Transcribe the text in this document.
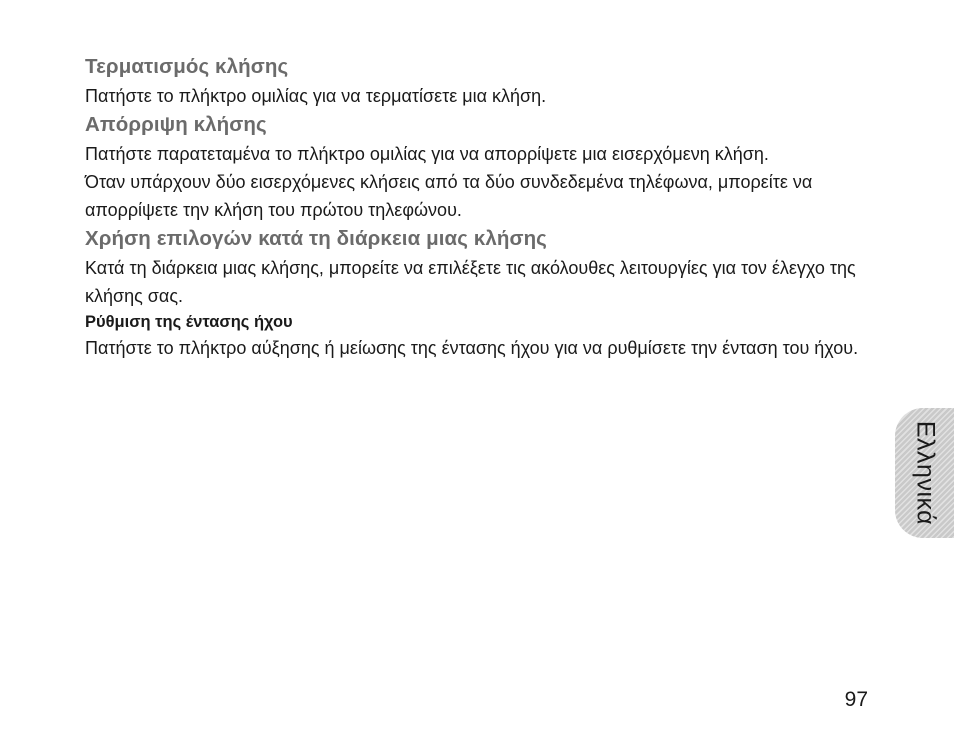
Τερματισμός κλήσης

Πατήστε το πλήκτρο ομιλίας για να τερματίσετε μια κλήση.

Απόρριψη κλήσης

Πατήστε παρατεταμένα το πλήκτρο ομιλίας για να απορρίψετε μια εισερχόμενη κλήση.

Όταν υπάρχουν δύο εισερχόμενες κλήσεις από τα δύο συνδεδεμένα τηλέφωνα, μπορείτε να απορρίψετε την κλήση του πρώτου τηλεφώνου.

Χρήση επιλογών κατά τη διάρκεια μιας κλήσης

Κατά τη διάρκεια μιας κλήσης, μπορείτε να επιλέξετε τις ακόλουθες λειτουργίες για τον έλεγχο της κλήσης σας.

Ρύθμιση της έντασης ήχου

Πατήστε το πλήκτρο αύξησης ή μείωσης της έντασης ήχου για να ρυθμίσετε την ένταση του ήχου.

Ελληνικά
97
